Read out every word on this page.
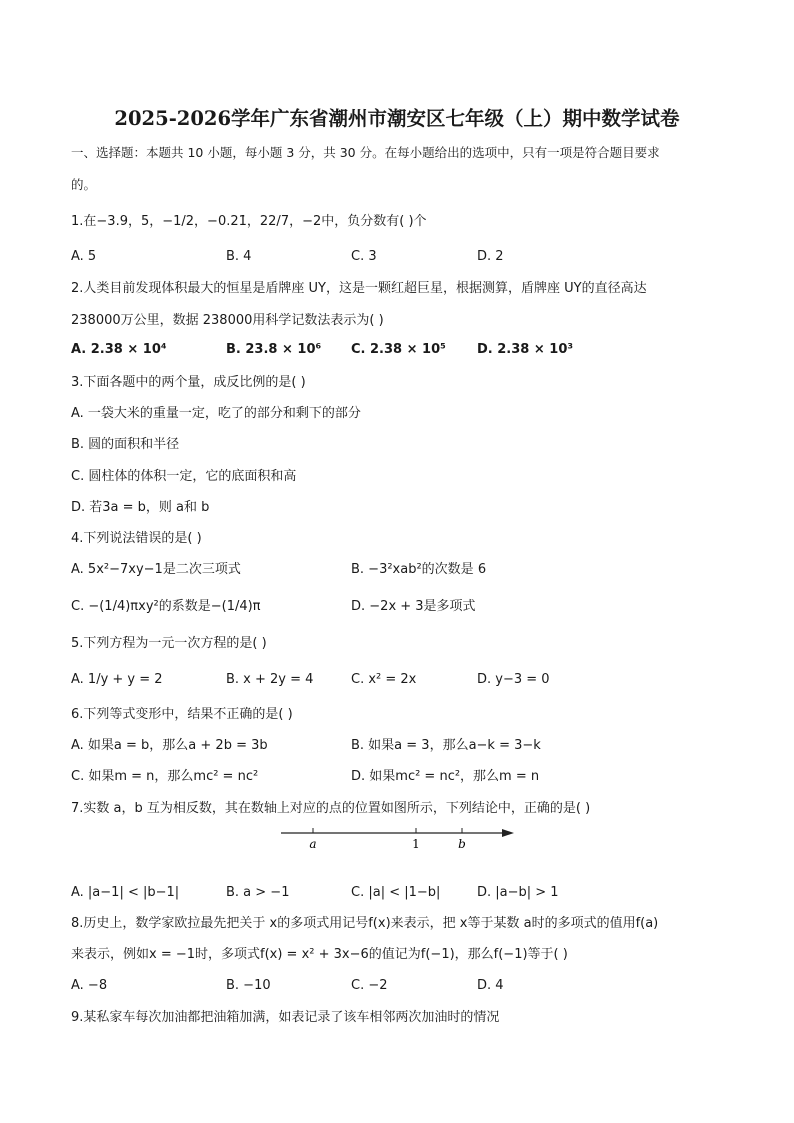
2025-2026学年广东省潮州市潮安区七年级（上）期中数学试卷
一、选择题：本题共 10 小题，每小题 3 分，共 30 分。在每小题给出的选项中，只有一项是符合题目要求
的。
1.在−3.9，5，−1/2，−0.21̇，22/7，−2中，负分数有( )个
A. 5	B. 4	C. 3	D. 2
2.人类目前发现体积最大的恒星是盾牌座 UY，这是一颗红超巨星，根据测算，盾牌座 UY的直径高达
238000万公里，数据 238000用科学记数法表示为( )
A. 2.38 × 10⁴	B. 23.8 × 10⁶ C. 2.38 × 10⁵ D. 2.38 × 10³
3.下面各题中的两个量，成反比例的是( )
A. 一袋大米的重量一定，吃了的部分和剩下的部分
B. 圆的面积和半径
C. 圆柱体的体积一定，它的底面积和高
D. 若3a = b，则 a和 b
4.下列说法错误的是( )
A. 5x²−7xy−1是二次三项式	B. −3²xab²的次数是 6
C. −(1/4)πxy²的系数是−(1/4)π	D. −2x + 3是多项式
5.下列方程为一元一次方程的是( )
A. 1/y + y = 2	B. x + 2y = 4	C. x² = 2x	D. y−3 = 0
6.下列等式变形中，结果不正确的是( )
A. 如果a = b，那么a + 2b = 3b	B. 如果a = 3，那么a−k = 3−k
C. 如果m = n，那么mc² = nc²	D. 如果mc² = nc²，那么m = n
7.实数 a，b 互为相反数，其在数轴上对应的点的位置如图所示，下列结论中，正确的是( )
a	1	b
A. |a−1| < |b−1|	B. a > −1	C. |a| < |1−b|	D. |a−b| > 1
8.历史上，数学家欧拉最先把关于 x的多项式用记号f(x)来表示，把 x等于某数 a时的多项式的值用f(a)
来表示，例如x = −1时，多项式f(x) = x² + 3x−6的值记为f(−1)，那么f(−1)等于( )
A. −8	B. −10	C. −2	D. 4
9.某私家车每次加油都把油箱加满，如表记录了该车相邻两次加油时的情况
